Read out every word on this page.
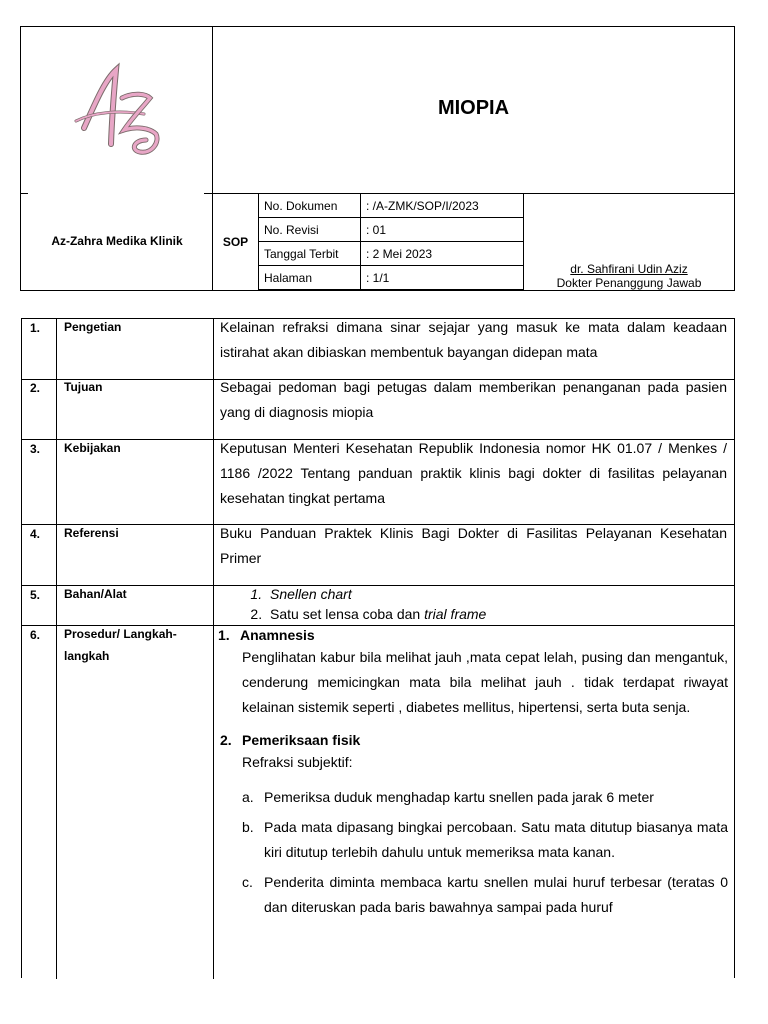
Az-Zahra Medika Klinik
MIOPIA
SOP
No. Dokumen	: /A-ZMK/SOP/I/2023
No. Revisi	: 01
Tanggal Terbit	: 2 Mei 2023
Halaman	: 1/1
dr. Sahfirani Udin Aziz
Dokter Penanggung Jawab
1. Pengetian	Kelainan refraksi dimana sinar sejajar yang masuk ke mata dalam keadaan istirahat akan dibiaskan membentuk bayangan didepan mata
2. Tujuan	Sebagai pedoman bagi petugas dalam memberikan penanganan pada pasien yang di diagnosis miopia
3. Kebijakan	Keputusan Menteri Kesehatan Republik Indonesia nomor HK 01.07 / Menkes / 1186 /2022 Tentang panduan praktik klinis bagi dokter di fasilitas pelayanan kesehatan tingkat pertama
4. Referensi	Buku Panduan Praktek Klinis Bagi Dokter di Fasilitas Pelayanan Kesehatan Primer
5. Bahan/Alat	1. Snellen chart
2. Satu set lensa coba dan trial frame
6. Prosedur/ Langkah-langkah
1. Anamnesis

Penglihatan kabur bila melihat jauh ,mata cepat lelah, pusing dan mengantuk, cenderung memicingkan mata bila melihat jauh . tidak terdapat riwayat kelainan sistemik seperti , diabetes mellitus, hipertensi, serta buta senja.

2. Pemeriksaan fisik

Refraksi subjektif:

a. Pemeriksa duduk menghadap kartu snellen pada jarak 6 meter
b. Pada mata dipasang bingkai percobaan. Satu mata ditutup biasanya mata kiri ditutup terlebih dahulu untuk memeriksa mata kanan.
c. Penderita diminta membaca kartu snellen mulai huruf terbesar (teratas 0 dan diteruskan pada baris bawahnya sampai pada huruf
